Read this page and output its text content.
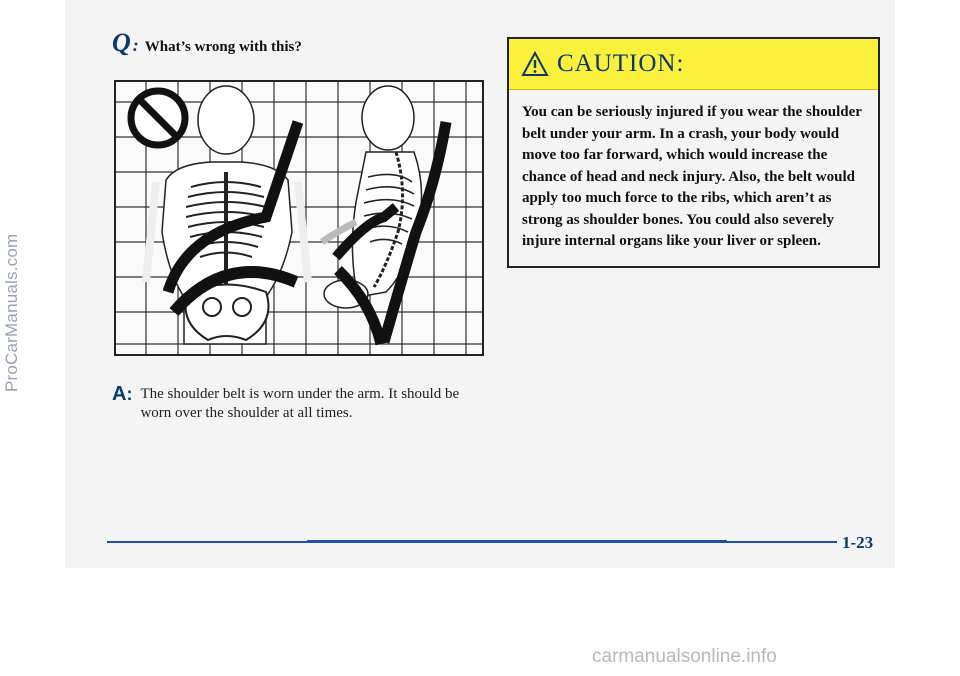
ProCarManuals.com
Q : What’s wrong with this?
A : The shoulder belt is worn under the arm. It should be worn over the shoulder at all times.
CAUTION:
You can be seriously injured if you wear the shoulder belt under your arm. In a crash, your body would move too far forward, which would increase the chance of head and neck injury. Also, the belt would apply too much force to the ribs, which aren’t as strong as shoulder bones. You could also severely injure internal organs like your liver or spleen.
1-23
carmanualsonline.info
